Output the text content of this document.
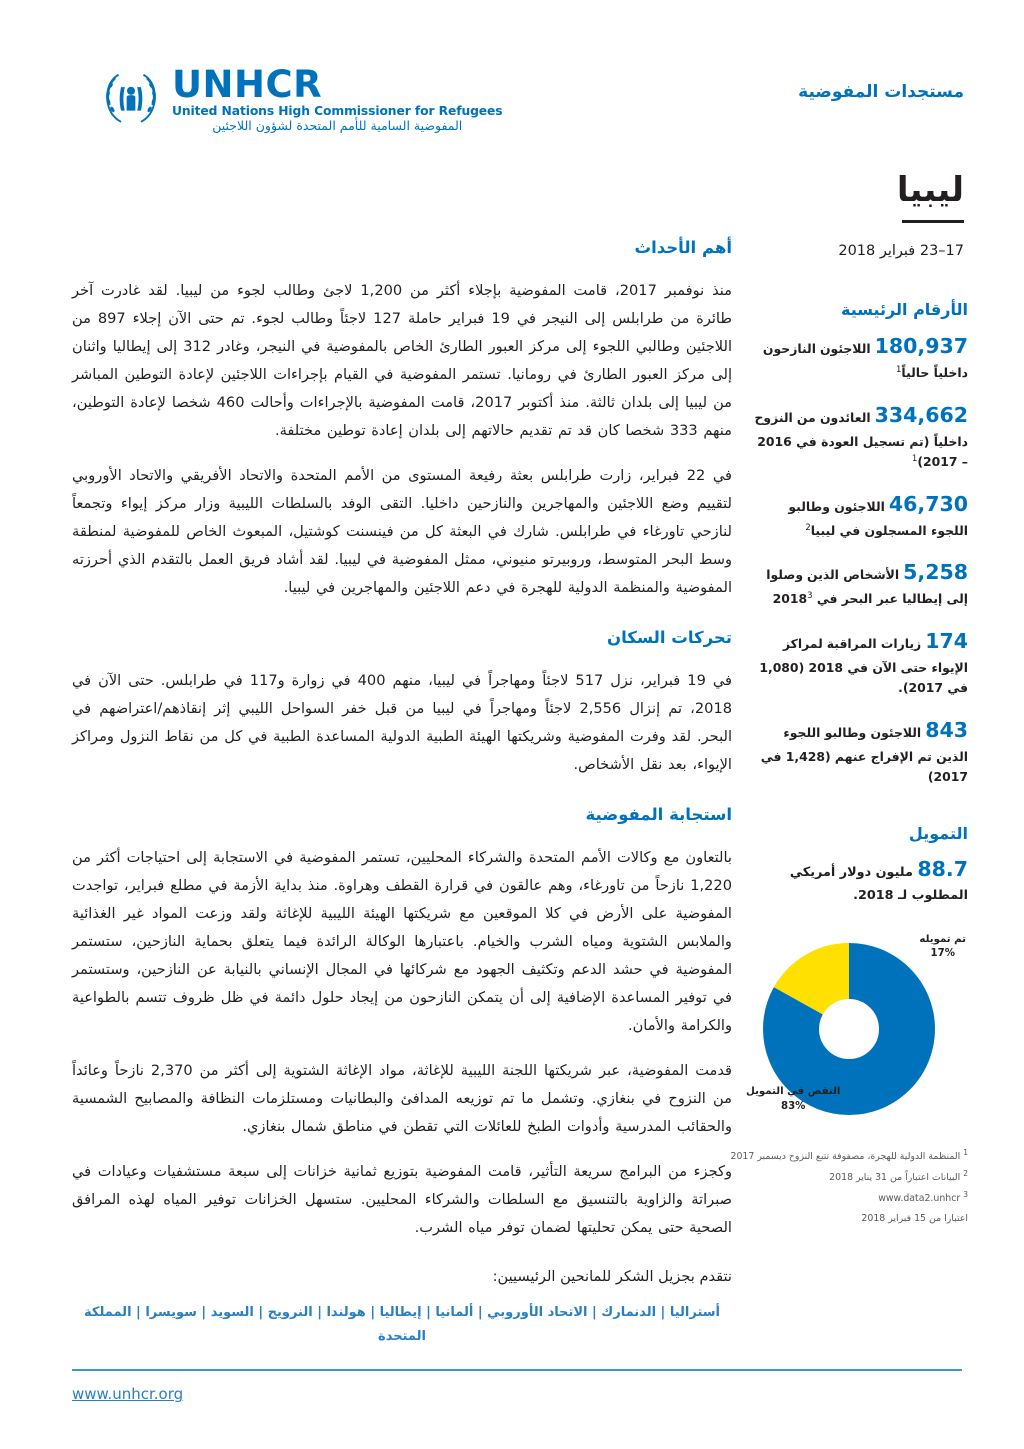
UNHCR
United Nations High Commissioner for Refugees
المفوضية السامية للأمم المتحدة لشؤون اللاجئين
مستجدات المفوضية
ليبيا
17–23 فبراير 2018
أهم الأحداث

منذ نوفمبر 2017، قامت المفوضية بإجلاء أكثر من 1,200 لاجئ وطالب لجوء من ليبيا. لقد غادرت آخر طائرة من طرابلس إلى النيجر في 19 فبراير حاملة 127 لاجئاً وطالب لجوء. تم حتى الآن إجلاء 897 من اللاجئين وطالبي اللجوء إلى مركز العبور الطارئ الخاص بالمفوضية في النيجر، وغادر 312 إلى إيطاليا واثنان إلى مركز العبور الطارئ في رومانيا. تستمر المفوضية في القيام بإجراءات اللاجئين لإعادة التوطين المباشر من ليبيا إلى بلدان ثالثة. منذ أكتوبر 2017، قامت المفوضية بالإجراءات وأحالت 460 شخصا لإعادة التوطين، منهم 333 شخصا كان قد تم تقديم حالاتهم إلى بلدان إعادة توطين مختلفة.

في 22 فبراير، زارت طرابلس بعثة رفيعة المستوى من الأمم المتحدة والاتحاد الأفريقي والاتحاد الأوروبي لتقييم وضع اللاجئين والمهاجرين والنازحين داخليا. التقى الوفد بالسلطات الليبية وزار مركز إيواء وتجمعاً لنازحي تاورغاء في طرابلس. شارك في البعثة كل من فينسنت كوشتيل، المبعوث الخاص للمفوضية لمنطقة وسط البحر المتوسط، وروبيرتو منيوني، ممثل المفوضية في ليبيا. لقد أشاد فريق العمل بالتقدم الذي أحرزته المفوضية والمنظمة الدولية للهجرة في دعم اللاجئين والمهاجرين في ليبيا.

تحركات السكان

في 19 فبراير، نزل 517 لاجئاً ومهاجراً في ليبيا، منهم 400 في زوارة و117 في طرابلس. حتى الآن في 2018، تم إنزال 2,556 لاجئاً ومهاجراً في ليبيا من قبل خفر السواحل الليبي إثر إنقاذهم/اعتراضهم في البحر. لقد وفرت المفوضية وشريكتها الهيئة الطبية الدولية المساعدة الطبية في كل من نقاط النزول ومراكز الإيواء، بعد نقل الأشخاص.

استجابة المفوضية

بالتعاون مع وكالات الأمم المتحدة والشركاء المحليين، تستمر المفوضية في الاستجابة إلى احتياجات أكثر من 1,220 نازحاً من تاورغاء، وهم عالقون في قرارة القطف وهراوة. منذ بداية الأزمة في مطلع فبراير، تواجدت المفوضية على الأرض في كلا الموقعين مع شريكتها الهيئة الليبية للإغاثة ولقد وزعت المواد غير الغذائية والملابس الشتوية ومياه الشرب والخيام. باعتبارها الوكالة الرائدة فيما يتعلق بحماية النازحين، ستستمر المفوضية في حشد الدعم وتكثيف الجهود مع شركائها في المجال الإنساني بالنيابة عن النازحين، وستستمر في توفير المساعدة الإضافية إلى أن يتمكن النازحون من إيجاد حلول دائمة في ظل ظروف تتسم بالطواعية والكرامة والأمان.

قدمت المفوضية، عبر شريكتها اللجنة الليبية للإغاثة، مواد الإغاثة الشتوية إلى أكثر من 2,370 نازحاً وعائداً من النزوح في بنغازي. وتشمل ما تم توزيعه المدافئ والبطانيات ومستلزمات النظافة والمصابيح الشمسية والحقائب المدرسية وأدوات الطبخ للعائلات التي تقطن في مناطق شمال بنغازي.

وكجزء من البرامج سريعة التأثير، قامت المفوضية بتوزيع ثمانية خزانات إلى سبعة مستشفيات وعيادات في صبراتة والزاوية بالتنسيق مع السلطات والشركاء المحليين. ستسهل الخزانات توفير المياه لهذه المرافق الصحية حتى يمكن تحليتها لضمان توفر مياه الشرب.

نتقدم بجزيل الشكر للمانحين الرئيسيين:
أستراليا | الدنمارك | الاتحاد الأوروبي | ألمانيا | إيطاليا | هولندا | النرويج | السويد | سويسرا | المملكة المتحدة
الأرقام الرئيسية
180,937 اللاجئون النازحون داخلياً حالياً$^1$
334,662 العائدون من النزوح داخلياً (تم تسجيل العودة في 2016 – 2017)$^1$
46,730 اللاجئون وطالبو اللجوء المسجلون في ليبيا$^2$
5,258 الأشخاص الذين وصلوا إلى إيطاليا عبر البحر في 2018$^3$
174 زيارات المراقبة لمراكز الإيواء حتى الآن في 2018 (1,080 في 2017).
843 اللاجئون وطالبو اللجوء الذين تم الإفراج عنهم (1,428 في 2017)
التمويل
88.7 مليون دولار أمريكي المطلوب لـ 2018.
تم تمويله
17%
النقص في التمويل
83%
$^1$ المنظمة الدولية للهجرة، مصفوفة تتبع النزوح ديسمبر 2017
$^2$ البيانات اعتباراً من 31 يناير 2018
$^3$ www.data2.unhcr
اعتبارا من 15 فبراير 2018
www.unhcr.org
